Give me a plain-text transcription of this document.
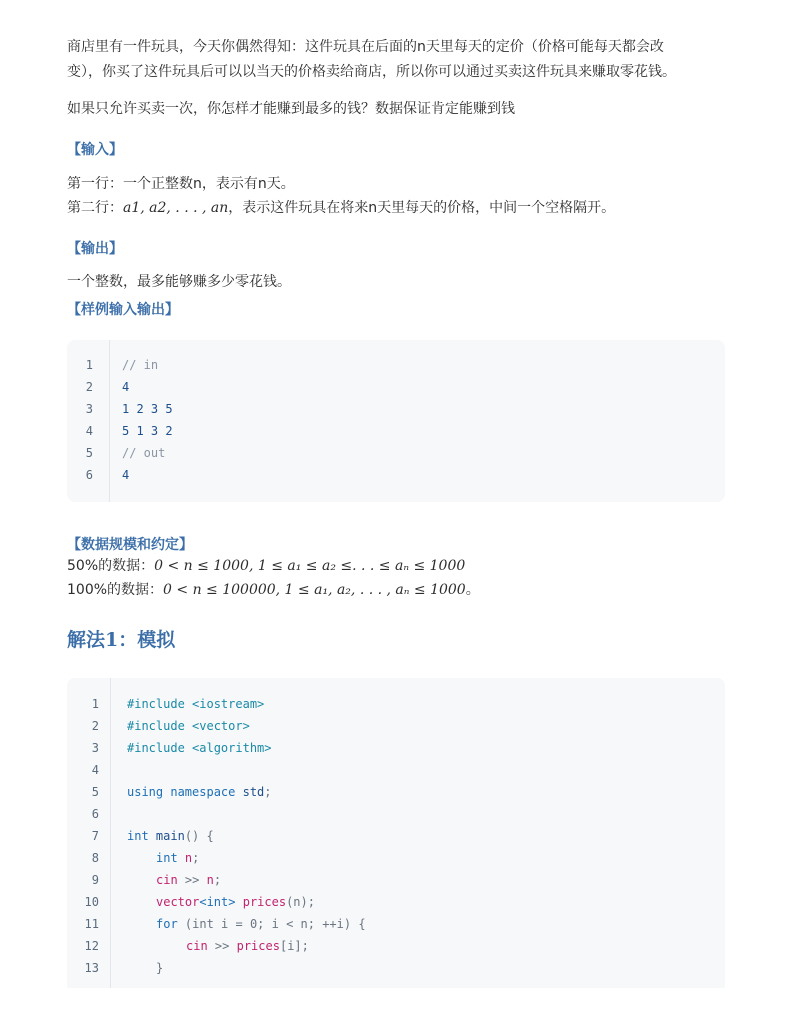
商店里有一件玩具，今天你偶然得知：这件玩具在后面的n天里每天的定价（价格可能每天都会改
变），你买了这件玩具后可以以当天的价格卖给商店，所以你可以通过买卖这件玩具来赚取零花钱。
如果只允许买卖一次，你怎样才能赚到最多的钱？数据保证肯定能赚到钱
【输入】
第一行：一个正整数n，表示有n天。
第二行：a1, a2, . . . , an，表示这件玩具在将来n天里每天的价格，中间一个空格隔开。
【输出】
一个整数，最多能够赚多少零花钱。
【样例输入输出】
1 // in
2 4
3 1 2 3 5
4 5 1 3 2
5 // out
6 4
【数据规模和约定】
50%的数据：0 < n ≤ 1000, 1 ≤ a₁ ≤ a₂ ≤. . . ≤ aₙ ≤ 1000
100%的数据：0 < n ≤ 100000, 1 ≤ a₁, a₂, . . . , aₙ ≤ 1000。
解法1：模拟
1 #include <iostream>
2 #include <vector>
3 #include <algorithm>
4
5 using namespace std;
6
7 int main() {
8	int n;
9	cin >> n;
10	vector<int> prices(n);
11	for (int i = 0; i < n; ++i) {
12	cin >> prices[i];
13	}
